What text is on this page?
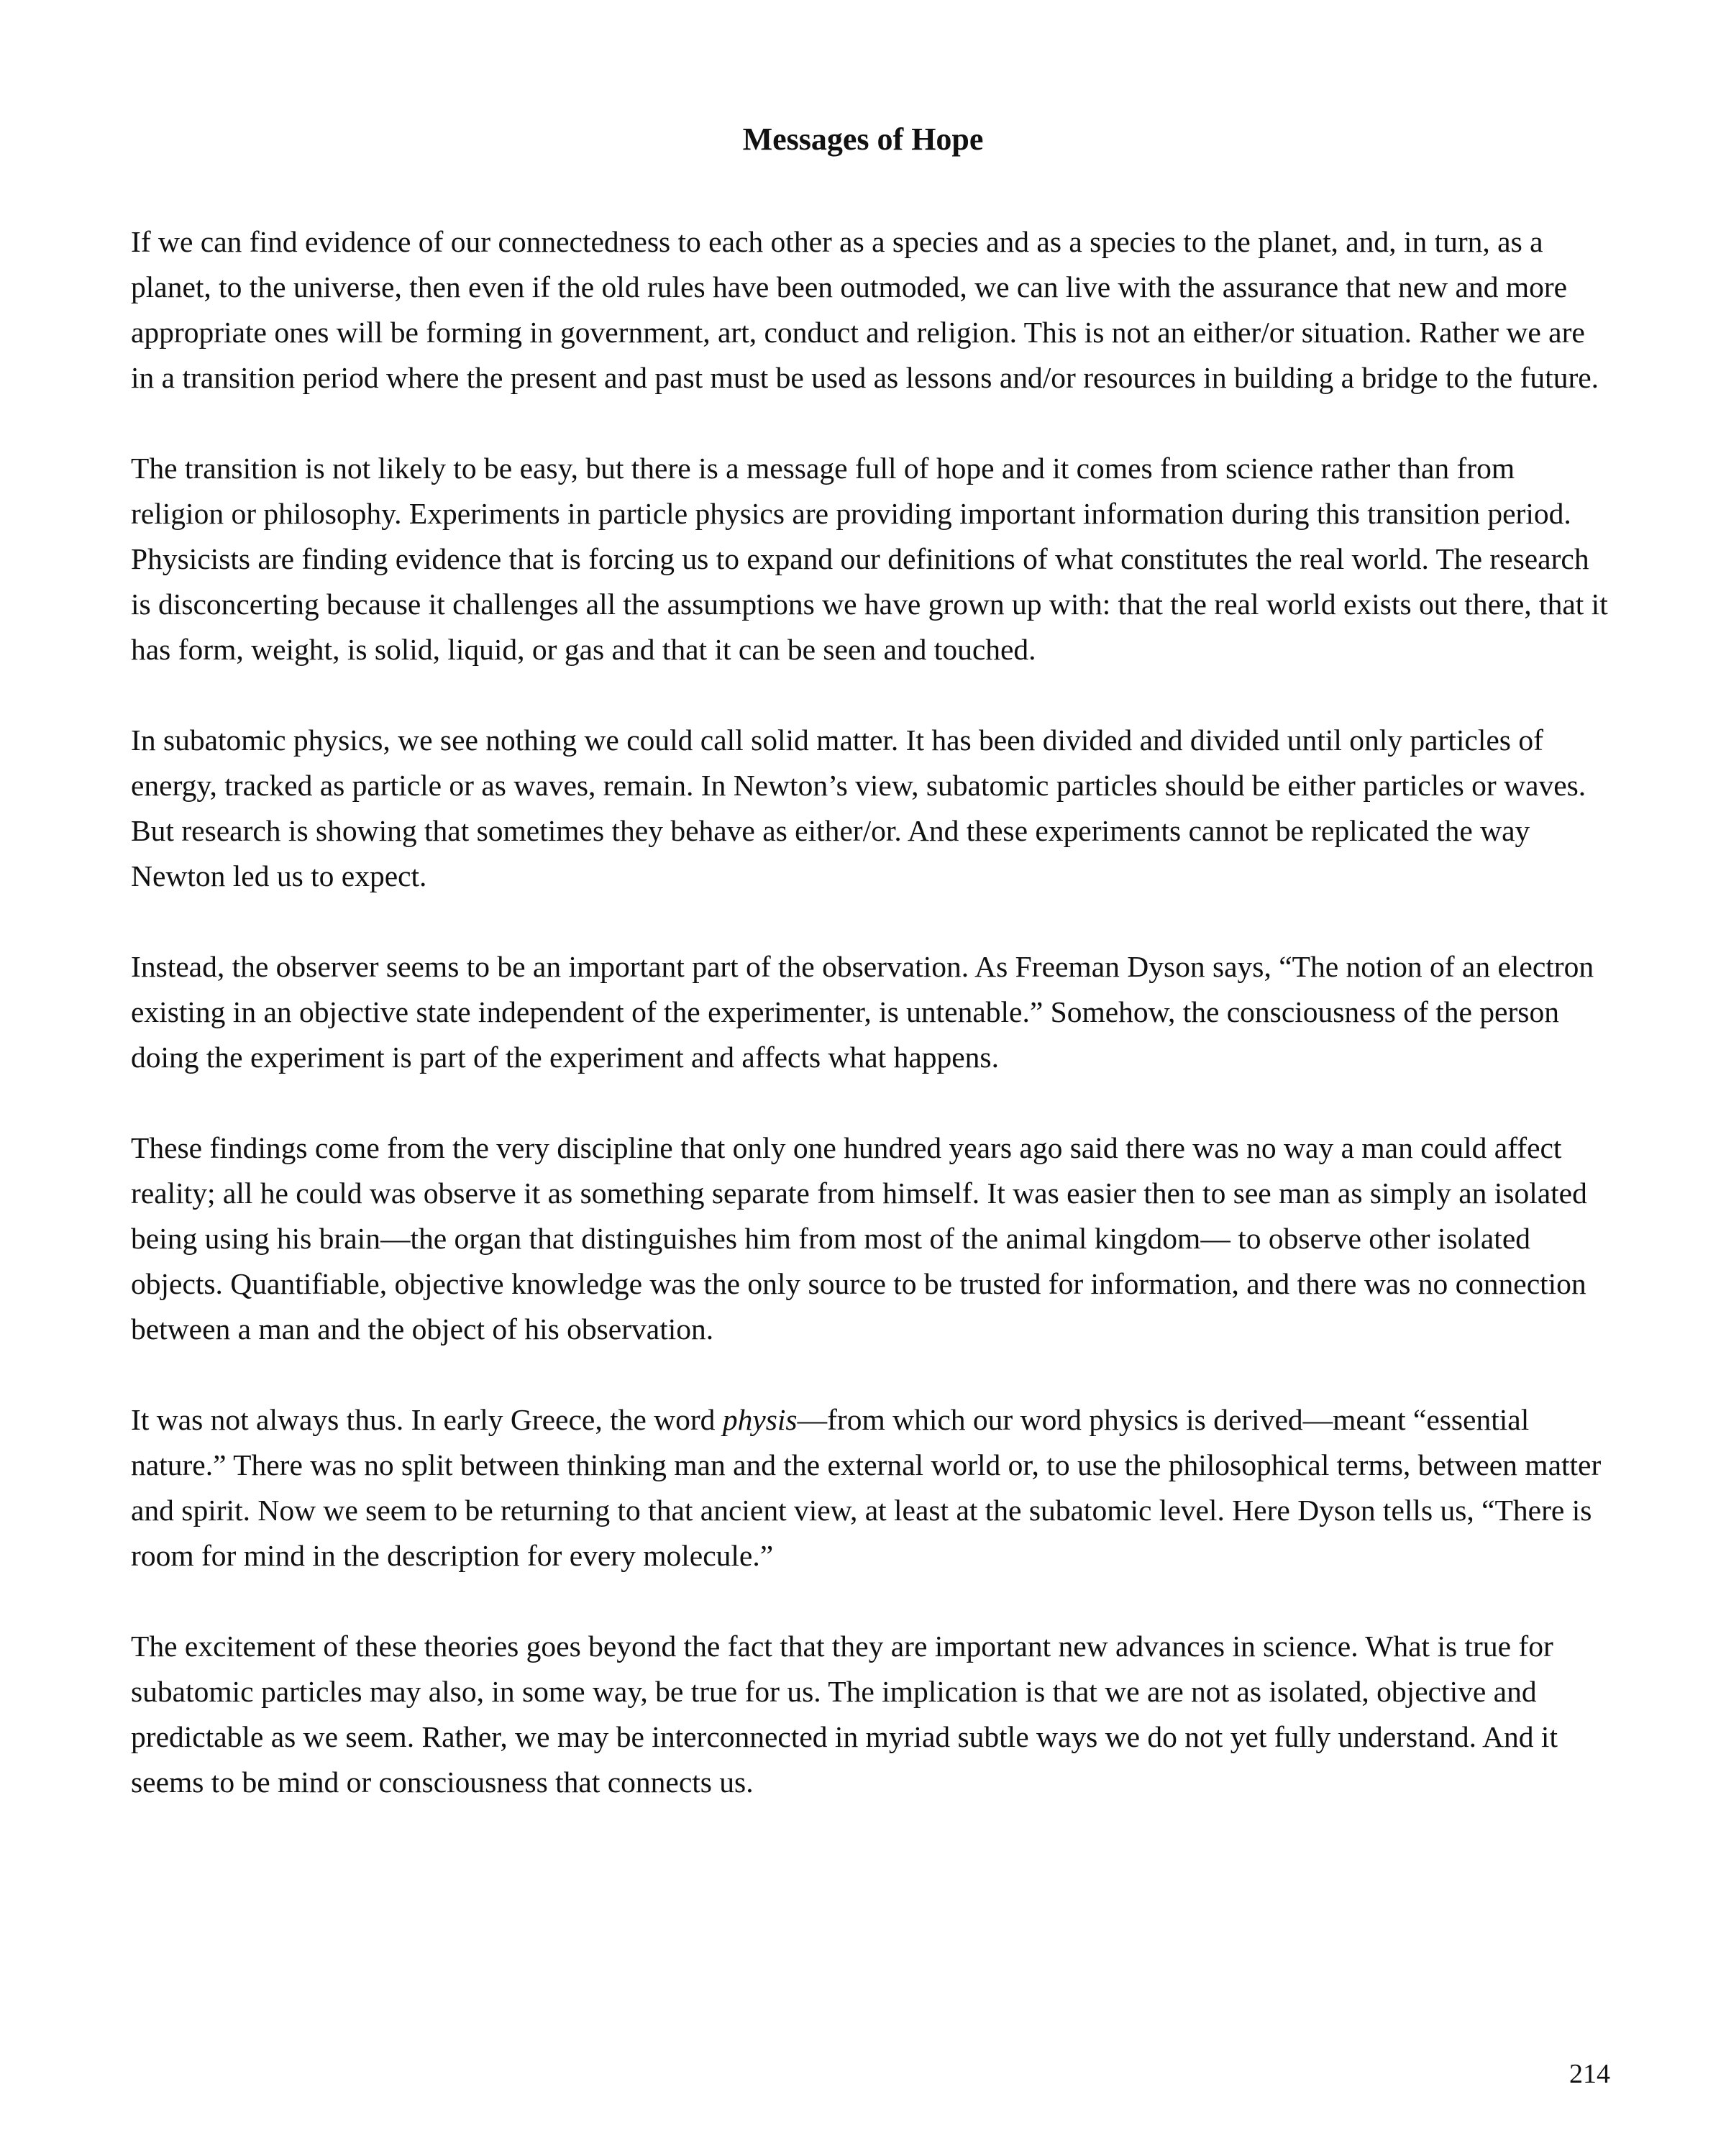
Messages of Hope

If we can find evidence of our connectedness to each other as a species and as a species to the planet, and, in turn, as a planet, to the universe, then even if the old rules have been outmoded, we can live with the assurance that new and more appropriate ones will be forming in government, art, conduct and religion. This is not an either/or situation. Rather we are in a transition period where the present and past must be used as lessons and/or resources in building a bridge to the future.

The transition is not likely to be easy, but there is a message full of hope and it comes from science rather than from religion or philosophy. Experiments in particle physics are providing important information during this transition period. Physicists are finding evidence that is forcing us to expand our definitions of what constitutes the real world. The research is disconcerting because it challenges all the assumptions we have grown up with: that the real world exists out there, that it has form, weight, is solid, liquid, or gas and that it can be seen and touched.

In subatomic physics, we see nothing we could call solid matter. It has been divided and divided until only particles of energy, tracked as particle or as waves, remain. In Newton’s view, subatomic particles should be either particles or waves. But research is showing that sometimes they behave as either/or. And these experiments cannot be replicated the way Newton led us to expect.

Instead, the observer seems to be an important part of the observation. As Freeman Dyson says, “The notion of an electron existing in an objective state independent of the experimenter, is untenable.” Somehow, the consciousness of the person doing the experiment is part of the experiment and affects what happens.

These findings come from the very discipline that only one hundred years ago said there was no way a man could affect reality; all he could was observe it as something separate from himself. It was easier then to see man as simply an isolated being using his brain—the organ that distinguishes him from most of the animal kingdom— to observe other isolated objects. Quantifiable, objective knowledge was the only source to be trusted for information, and there was no connection between a man and the object of his observation.

It was not always thus. In early Greece, the word physis—from which our word physics is derived—meant “essential nature.” There was no split between thinking man and the external world or, to use the philosophical terms, between matter and spirit. Now we seem to be returning to that ancient view, at least at the subatomic level. Here Dyson tells us, “There is room for mind in the description for every molecule.”

The excitement of these theories goes beyond the fact that they are important new advances in science. What is true for subatomic particles may also, in some way, be true for us. The implication is that we are not as isolated, objective and predictable as we seem. Rather, we may be interconnected in myriad subtle ways we do not yet fully understand. And it seems to be mind or consciousness that connects us.

214
